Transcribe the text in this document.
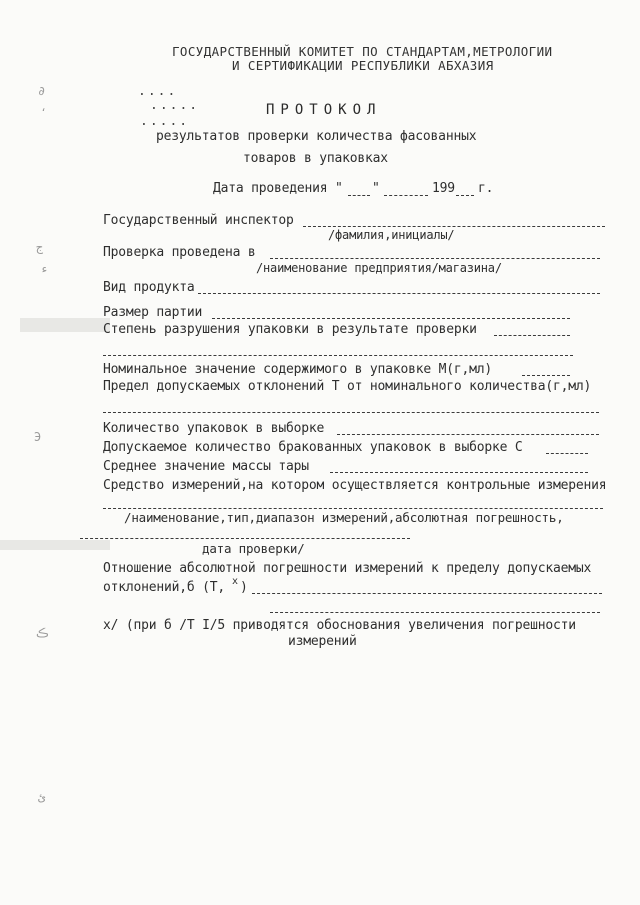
∂
،
ج
ء
Э
ڪ
ئ
ГОСУДАРСТВЕННЫЙ КОМИТЕТ ПО СТАНДАРТАМ,МЕТРОЛОГИИ
И СЕРТИФИКАЦИИ РЕСПУБЛИКИ АБХАЗИЯ
....
.....	ПРОТОКОЛ
.....
результатов проверки количества фасованных
товаров в упаковках
Дата проведения " "	199 г.
Государственный инспектор
/фамилия,инициалы/
Проверка проведена в
/наименование предприятия/магазина/
Вид продукта
Размер партии
Степень разрушения упаковки в результате проверки
Номинальное значение содержимого в упаковке М(г,мл)
Предел допускаемых отклонений Т от номинального количества(г,мл)
Количество упаковок в выборке
Допускаемое количество бракованных упаковок в выборке С
Среднее значение массы тары
Средство измерений,на котором осуществляется контрольные измерения
/наименование,тип,диапазон измерений,абсолютная погрешность,
дата проверки/
Отношение абсолютной погрешности измерений к пределу допускаемых
отклонений,б (Т, х )
х/ (при б /Т I/5 приводятся обоснования увеличения погрешности
измерений
